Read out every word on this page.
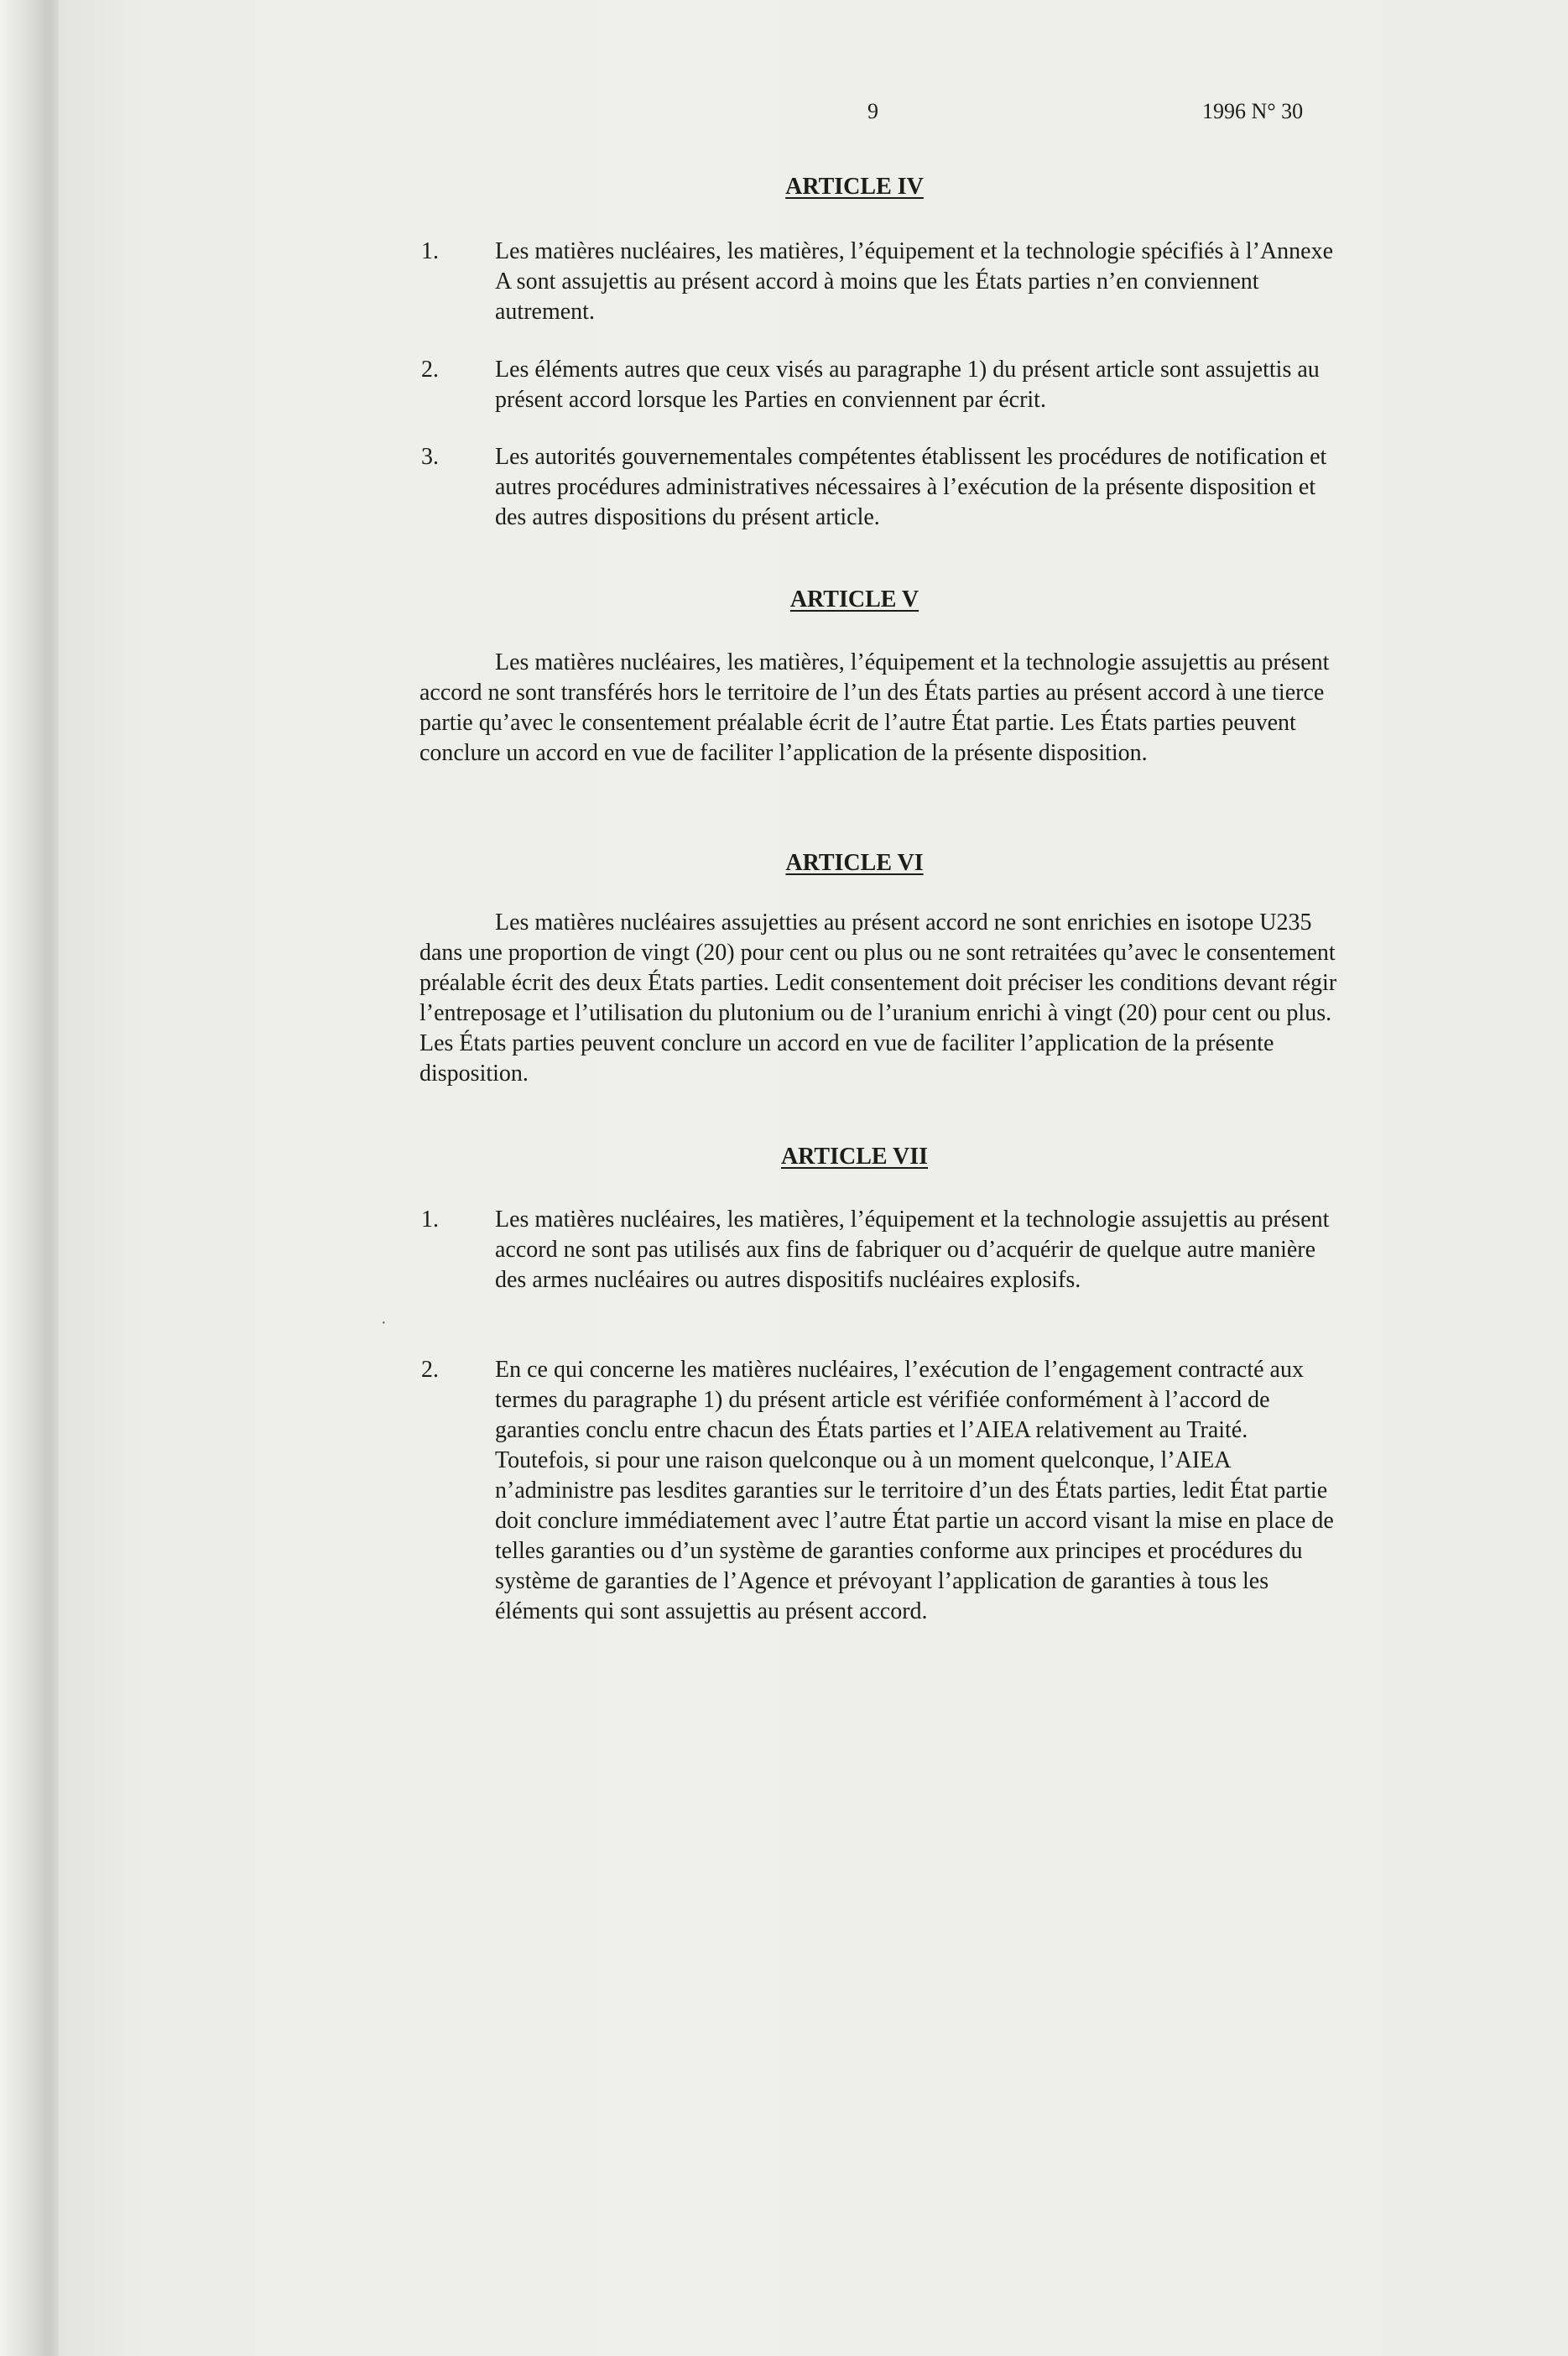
9	1996 N° 30
ARTICLE IV
1. Les matières nucléaires, les matières, l’équipement et la technologie spécifiés à l’Annexe A sont assujettis au présent accord à moins que les États parties n’en conviennent autrement.
2. Les éléments autres que ceux visés au paragraphe 1) du présent article sont assujettis au présent accord lorsque les Parties en conviennent par écrit.
3. Les autorités gouvernementales compétentes établissent les procédures de notification et autres procédures administratives nécessaires à l’exécution de la présente disposition et des autres dispositions du présent article.
ARTICLE V
Les matières nucléaires, les matières, l’équipement et la technologie assujettis au présent accord ne sont transférés hors le territoire de l’un des États parties au présent accord à une tierce partie qu’avec le consentement préalable écrit de l’autre État partie. Les États parties peuvent conclure un accord en vue de faciliter l’application de la présente disposition.
ARTICLE VI
Les matières nucléaires assujetties au présent accord ne sont enrichies en isotope U235 dans une proportion de vingt (20) pour cent ou plus ou ne sont retraitées qu’avec le consentement préalable écrit des deux États parties. Ledit consentement doit préciser les conditions devant régir l’entreposage et l’utilisation du plutonium ou de l’uranium enrichi à vingt (20) pour cent ou plus. Les États parties peuvent conclure un accord en vue de faciliter l’application de la présente disposition.
ARTICLE VII
1. Les matières nucléaires, les matières, l’équipement et la technologie assujettis au présent accord ne sont pas utilisés aux fins de fabriquer ou d’acquérir de quelque autre manière des armes nucléaires ou autres dispositifs nucléaires explosifs.
·
2. En ce qui concerne les matières nucléaires, l’exécution de l’engagement contracté aux termes du paragraphe 1) du présent article est vérifiée conformément à l’accord de garanties conclu entre chacun des États parties et l’AIEA relativement au Traité. Toutefois, si pour une raison quelconque ou à un moment quelconque, l’AIEA n’administre pas lesdites garanties sur le territoire d’un des États parties, ledit État partie doit conclure immédiatement avec l’autre État partie un accord visant la mise en place de telles garanties ou d’un système de garanties conforme aux principes et procédures du système de garanties de l’Agence et prévoyant l’application de garanties à tous les éléments qui sont assujettis au présent accord.
